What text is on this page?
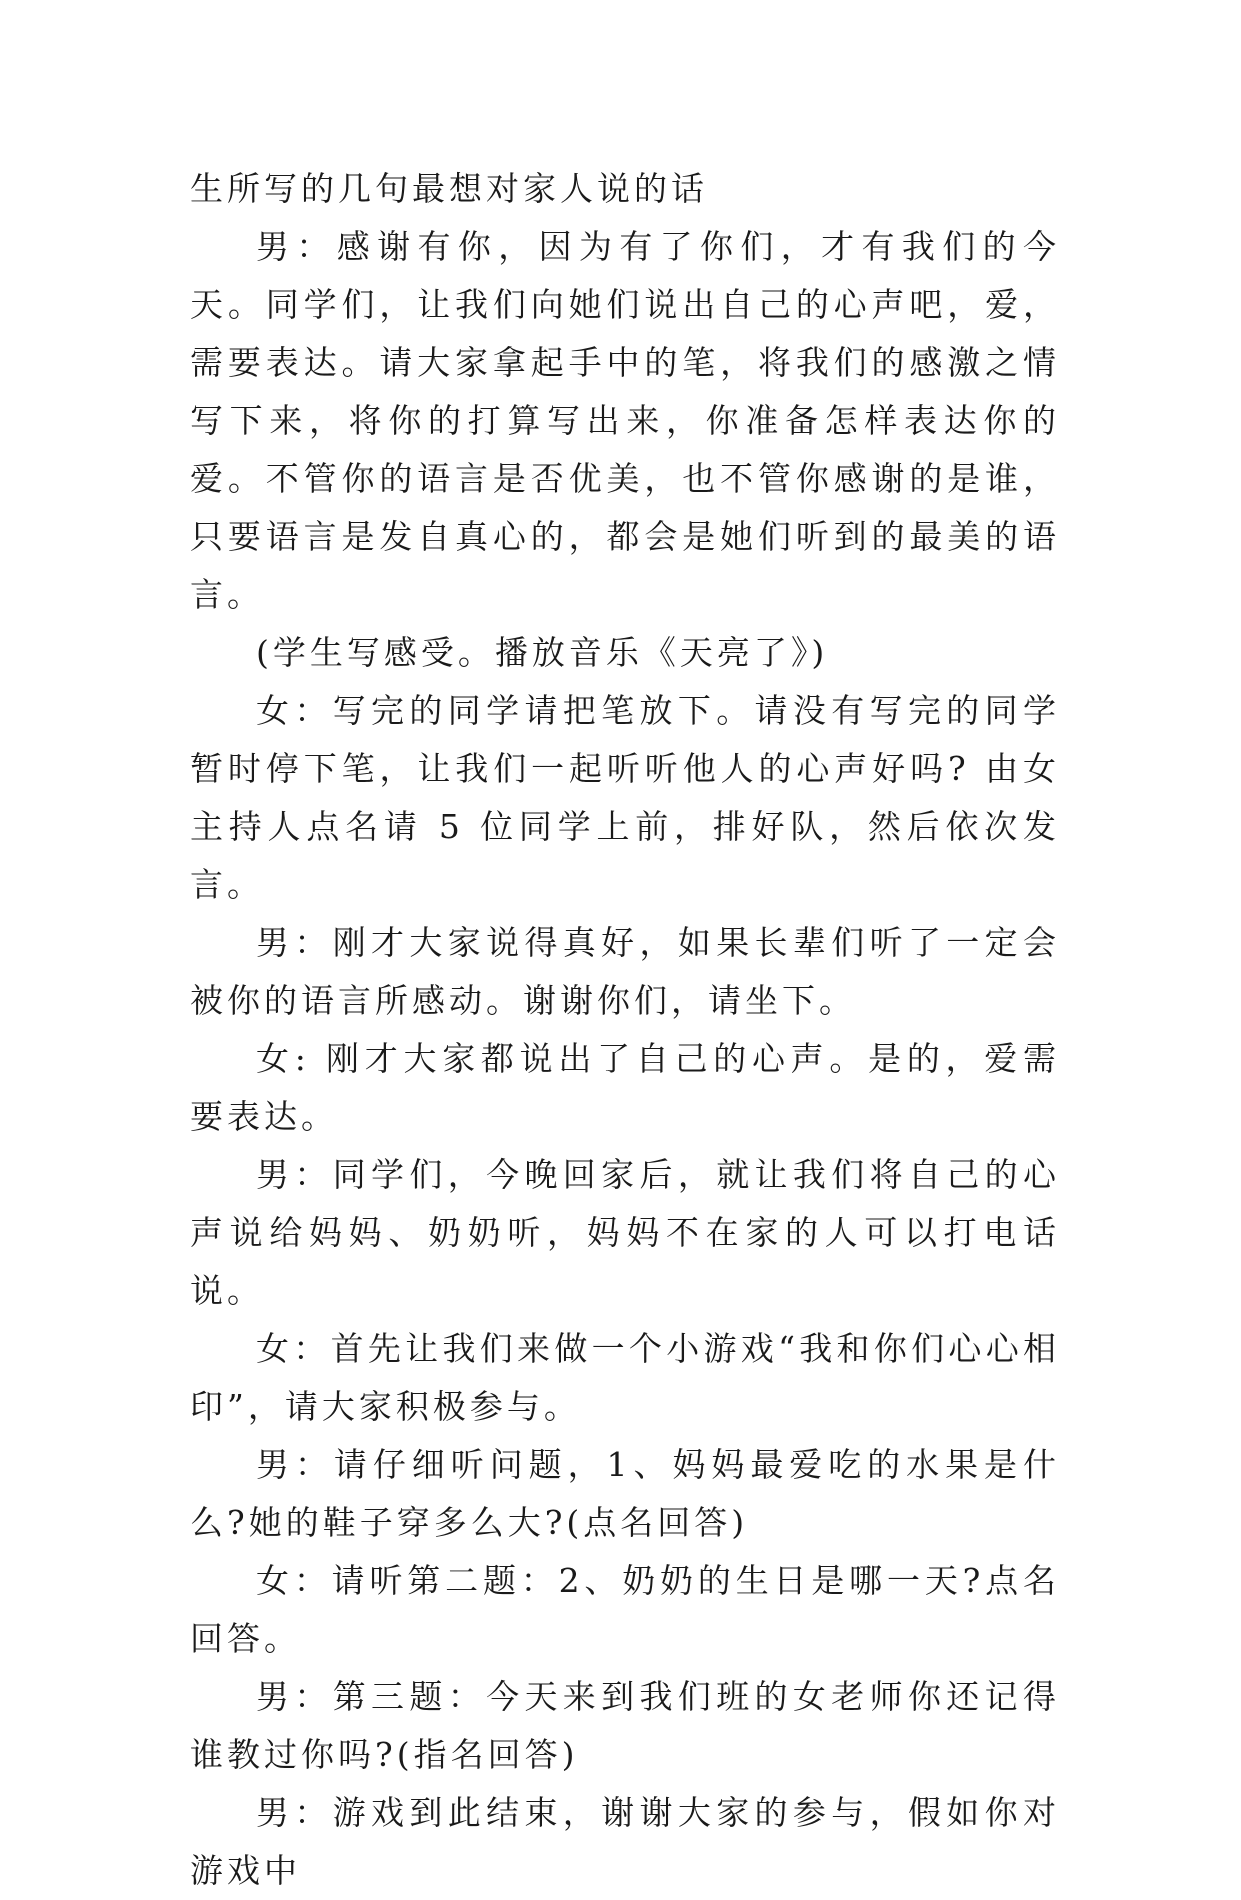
生所写的几句最想对家人说的话

男：感谢有你，因为有了你们，才有我们的今天。同学们，让我们向她们说出自己的心声吧，爱，需要表达。请大家拿起手中的笔，将我们的感激之情写下来，将你的打算写出来，你准备怎样表达你的爱。不管你的语言是否优美，也不管你感谢的是谁，只要语言是发自真心的，都会是她们听到的最美的语言。

(学生写感受。播放音乐《天亮了》)

女：写完的同学请把笔放下。请没有写完的同学暂时停下笔，让我们一起听听他人的心声好吗? 由女主持人点名请 5 位同学上前，排好队，然后依次发言。

男：刚才大家说得真好，如果长辈们听了一定会被你的语言所感动。谢谢你们，请坐下。

女: 刚才大家都说出了自己的心声。是的，爱需要表达。

男：同学们，今晚回家后，就让我们将自己的心声说给妈妈、奶奶听，妈妈不在家的人可以打电话说。

女：首先让我们来做一个小游戏“我和你们心心相印”，请大家积极参与。

男：请仔细听问题，1、妈妈最爱吃的水果是什么?她的鞋子穿多么大?(点名回答)

女：请听第二题：2、奶奶的生日是哪一天?点名回答。

男：第三题：今天来到我们班的女老师你还记得谁教过你吗?(指名回答)

男：游戏到此结束，谢谢大家的参与，假如你对游戏中
